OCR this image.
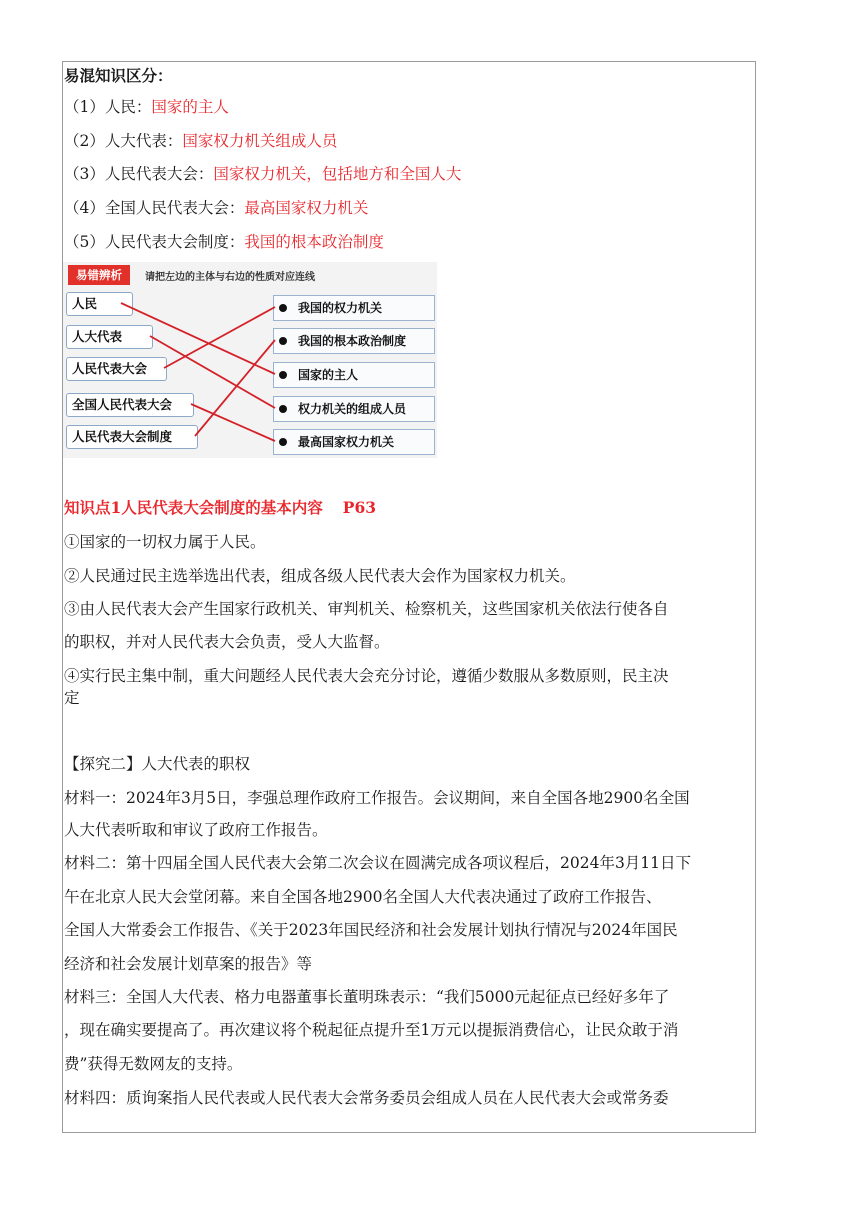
易混知识区分：
（1）人民：国家的主人
（2）人大代表：国家权力机关组成人员
（3）人民代表大会：国家权力机关，包括地方和全国人大
（4）全国人民代表大会：最高国家权力机关
（5）人民代表大会制度：我国的根本政治制度
易错辨析	请把左边的主体与右边的性质对应连线
人民
人大代表
人民代表大会
全国人民代表大会
人民代表大会制度
我国的权力机关
我国的根本政治制度
国家的主人
权力机关的组成人员
最高国家权力机关
知识点1人民代表大会制度的基本内容 P63
①国家的一切权力属于人民。
②人民通过民主选举选出代表，组成各级人民代表大会作为国家权力机关。
③由人民代表大会产生国家行政机关、审判机关、检察机关，这些国家机关依法行使各自
的职权，并对人民代表大会负责，受人大监督。
④实行民主集中制，重大问题经人民代表大会充分讨论，遵循少数服从多数原则，民主决
定
【探究二】人大代表的职权
材料一：2024年3月5日，李强总理作政府工作报告。会议期间，来自全国各地2900名全国
人大代表听取和审议了政府工作报告。
材料二：第十四届全国人民代表大会第二次会议在圆满完成各项议程后，2024年3月11日下
午在北京人民大会堂闭幕。来自全国各地2900名全国人大代表决通过了政府工作报告、
全国人大常委会工作报告、《关于2023年国民经济和社会发展计划执行情况与2024年国民
经济和社会发展计划草案的报告》等
材料三：全国人大代表、格力电器董事长董明珠表示：“我们5000元起征点已经好多年了
，现在确实要提高了。再次建议将个税起征点提升至1万元以提振消费信心，让民众敢于消
费”获得无数网友的支持。
材料四：质询案指人民代表或人民代表大会常务委员会组成人员在人民代表大会或常务委
